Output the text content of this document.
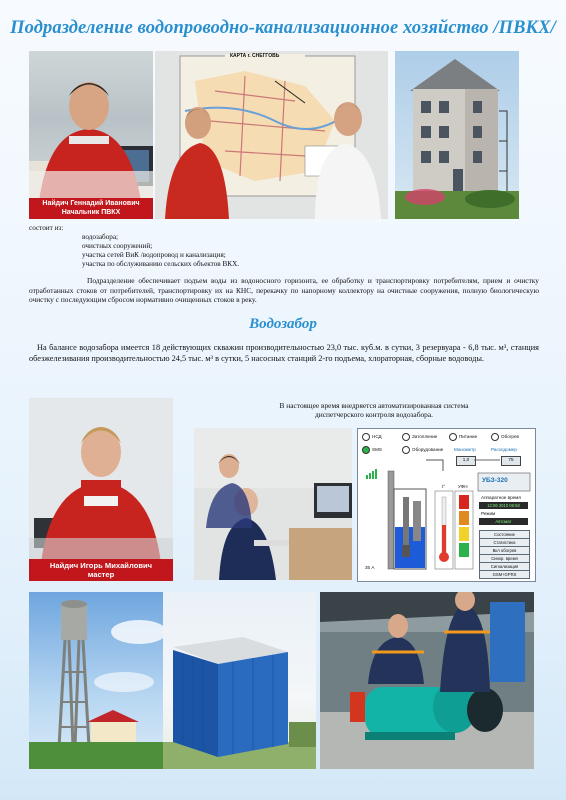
Подразделение водопроводно-канализационное хозяйство /ПВКХ/
Найдич Геннадий Иванович
Начальник ПВКХ
КАРТА г. СНЕГГОВЬ
состоит из:
водозабора;
очистных сооружений;
участка сетей ВиК /водопровод и канализация;
участка по обслуживанию сельских объектов ВКХ.
Подразделение обеспечивает подъем воды из водоносного горизонта, ее обработку и транспортировку потребителям, прием и очистку отработанных стоков от потребителей, транспортировку их на КНС, перекачку по напорному коллектору на очистные сооружения, полную биологическую очистку с последующим сбросом нормативно очищенных стоков в реку.
Водозабор
На балансе водозабора имеется 18 действующих скважин производительностью 23,0 тыс. куб.м. в сутки, 3 резервуара - 6,8 тыс. м³, станция обезжелезивания производительностью 24,5 тыс. м³ в сутки, 5 насосных станций 2-го подъема, хлораторная, сборные водоводы.
Найдич Игорь Михайлович
мастер
В настоящее время внедряется автоматизированная система диспетчерского контроля водозабора.
НСД	Затопление	Питание	Обогрев
SMS	Оборудование Манометр
1,0
Расходомер
75
УБЗ-320
Аппаратное время
12:06 2010 06:58
Режим
Автомат
Состояние
Статистика
Вкл обогрев
Синхр. время
Сигнализация
GSM+GPRS
t°	УФН
35 А
